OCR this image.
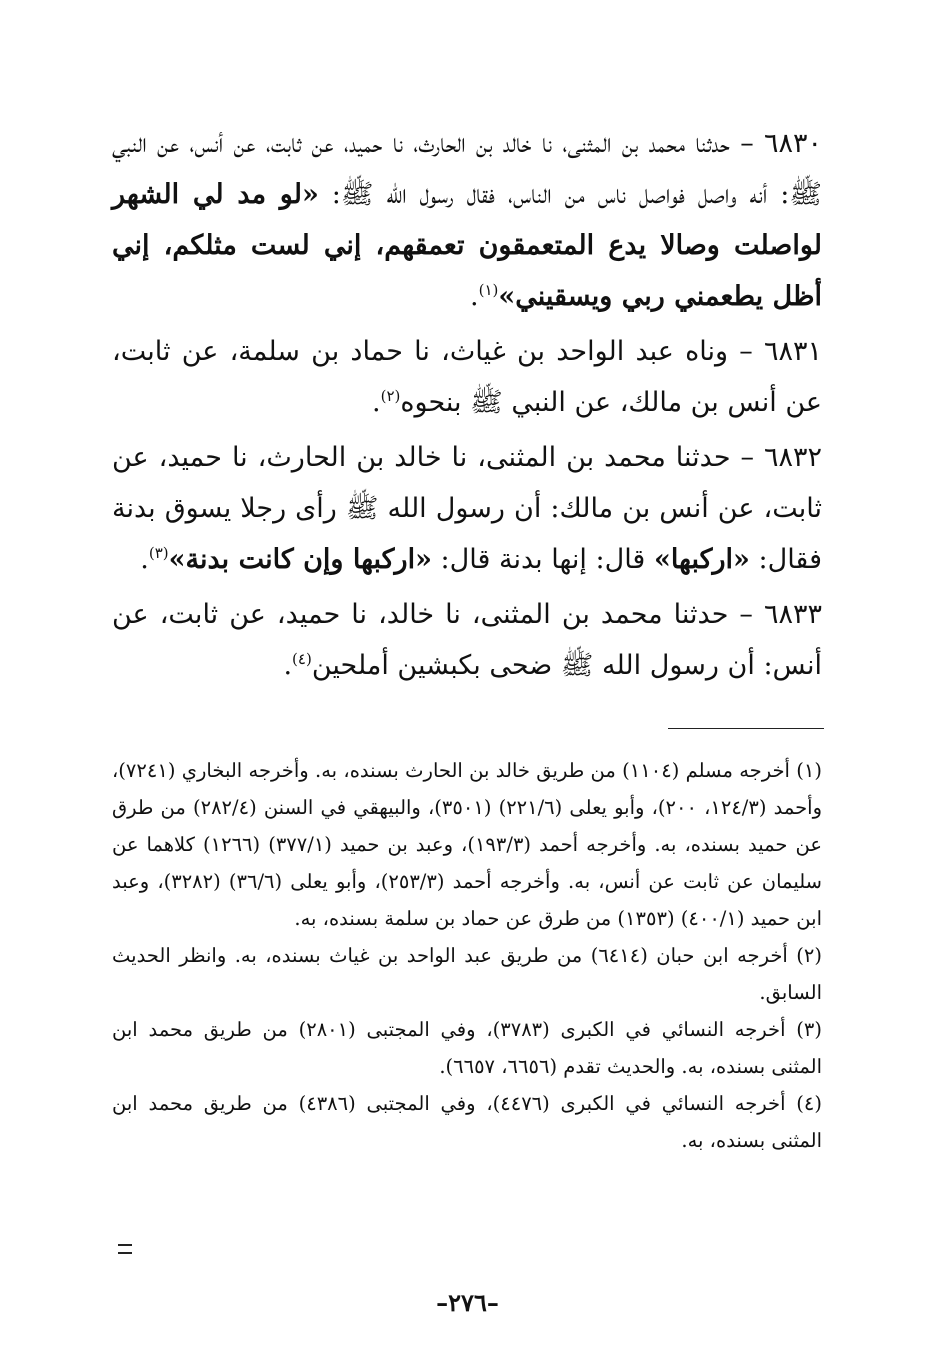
٦٨٣٠ – حدثنا محمد بن المثنى، نا خالد بن الحارث، نا حميد، عن ثابت، عن أنس، عن النبي ﷺ: أنه واصل فواصل ناس من الناس، فقال رسول الله ﷺ: «لو مد لي الشهر لواصلت وصالا يدع المتعمقون تعمقهم، إني لست مثلكم، إني أظل يطعمني ربي ويسقيني»$^{(١)}$.

٦٨٣١ – وناه عبد الواحد بن غياث، نا حماد بن سلمة، عن ثابت، عن أنس بن مالك، عن النبي ﷺ بنحوه$^{(٢)}$.

٦٨٣٢ – حدثنا محمد بن المثنى، نا خالد بن الحارث، نا حميد، عن ثابت، عن أنس بن مالك: أن رسول الله ﷺ رأى رجلا يسوق بدنة فقال: «اركبها» قال: إنها بدنة قال: «اركبها وإن كانت بدنة»$^{(٣)}$.

٦٨٣٣ – حدثنا محمد بن المثنى، نا خالد، نا حميد، عن ثابت، عن أنس: أن رسول الله ﷺ ضحى بكبشين أملحين$^{(٤)}$.

(١) أخرجه مسلم (١١٠٤) من طريق خالد بن الحارث بسنده، به. وأخرجه البخاري (٧٢٤١)، وأحمد (١٢٤/٣، ٢٠٠)، وأبو يعلى (٢٢١/٦) (٣٥٠١)، والبيهقي في السنن (٢٨٢/٤) من طرق عن حميد بسنده، به. وأخرجه أحمد (١٩٣/٣)، وعبد بن حميد (٣٧٧/١) (١٢٦٦) كلاهما عن سليمان عن ثابت عن أنس، به. وأخرجه أحمد (٢٥٣/٣)، وأبو يعلى (٣٦/٦) (٣٢٨٢)، وعبد ابن حميد (٤٠٠/١) (١٣٥٣) من طرق عن حماد بن سلمة بسنده، به.

(٢) أخرجه ابن حبان (٦٤١٤) من طريق عبد الواحد بن غياث بسنده، به. وانظر الحديث السابق.

(٣) أخرجه النسائي في الكبرى (٣٧٨٣)، وفي المجتبى (٢٨٠١) من طريق محمد ابن المثنى بسنده، به. والحديث تقدم (٦٦٥٦، ٦٦٥٧).

(٤) أخرجه النسائي في الكبرى (٤٤٧٦)، وفي المجتبى (٤٣٨٦) من طريق محمد ابن المثنى بسنده، به.

–٢٧٦–
